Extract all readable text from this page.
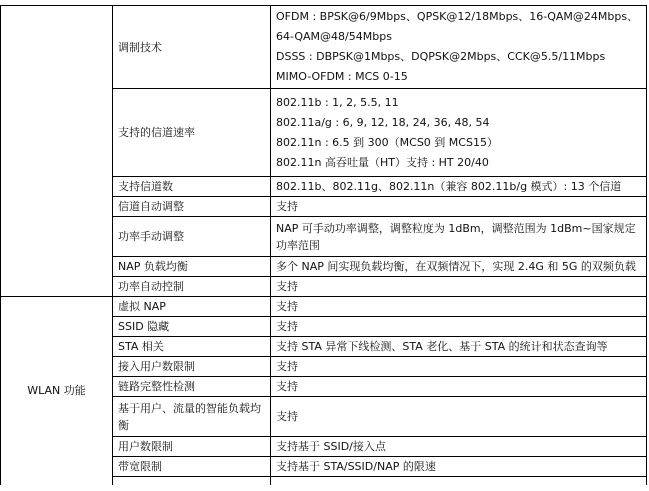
	调制技术	OFDM : BPSK@6/9Mbps、QPSK@12/18Mbps、16-QAM@24Mbps、
64-QAM@48/54Mbps
DSSS : DBPSK@1Mbps、DQPSK@2Mbps、CCK@5.5/11Mbps
MIMO-OFDM : MCS 0-15

	支持的信道速率	802.11b : 1, 2, 5.5, 11
802.11a/g : 6, 9, 12, 18, 24, 36, 48, 54
802.11n : 6.5 到 300（MCS0 到 MCS15）
802.11n 高吞吐量（HT）支持 : HT 20/40

	支持信道数	802.11b、802.11g、802.11n（兼容 802.11b/g 模式）: 13 个信道
	信道自动调整	支持
	功率手动调整	NAP 可手动功率调整，调整粒度为 1dBm，调整范围为 1dBm~国家规定功率范围
	NAP 负载均衡	多个 NAP 间实现负载均衡，在双频情况下，实现 2.4G 和 5G 的双频负载
	功率自动控制	支持
WLAN 功能	虚拟 NAP	支持
	SSID 隐藏	支持
	STA 相关	支持 STA 异常下线检测、STA 老化、基于 STA 的统计和状态查询等
	接入用户数限制	支持
	链路完整性检测	支持
	基于用户、流量的智能负载均衡	支持
	用户数限制	支持基于 SSID/接入点
	带宽限制	支持基于 STA/SSID/NAP 的限速
